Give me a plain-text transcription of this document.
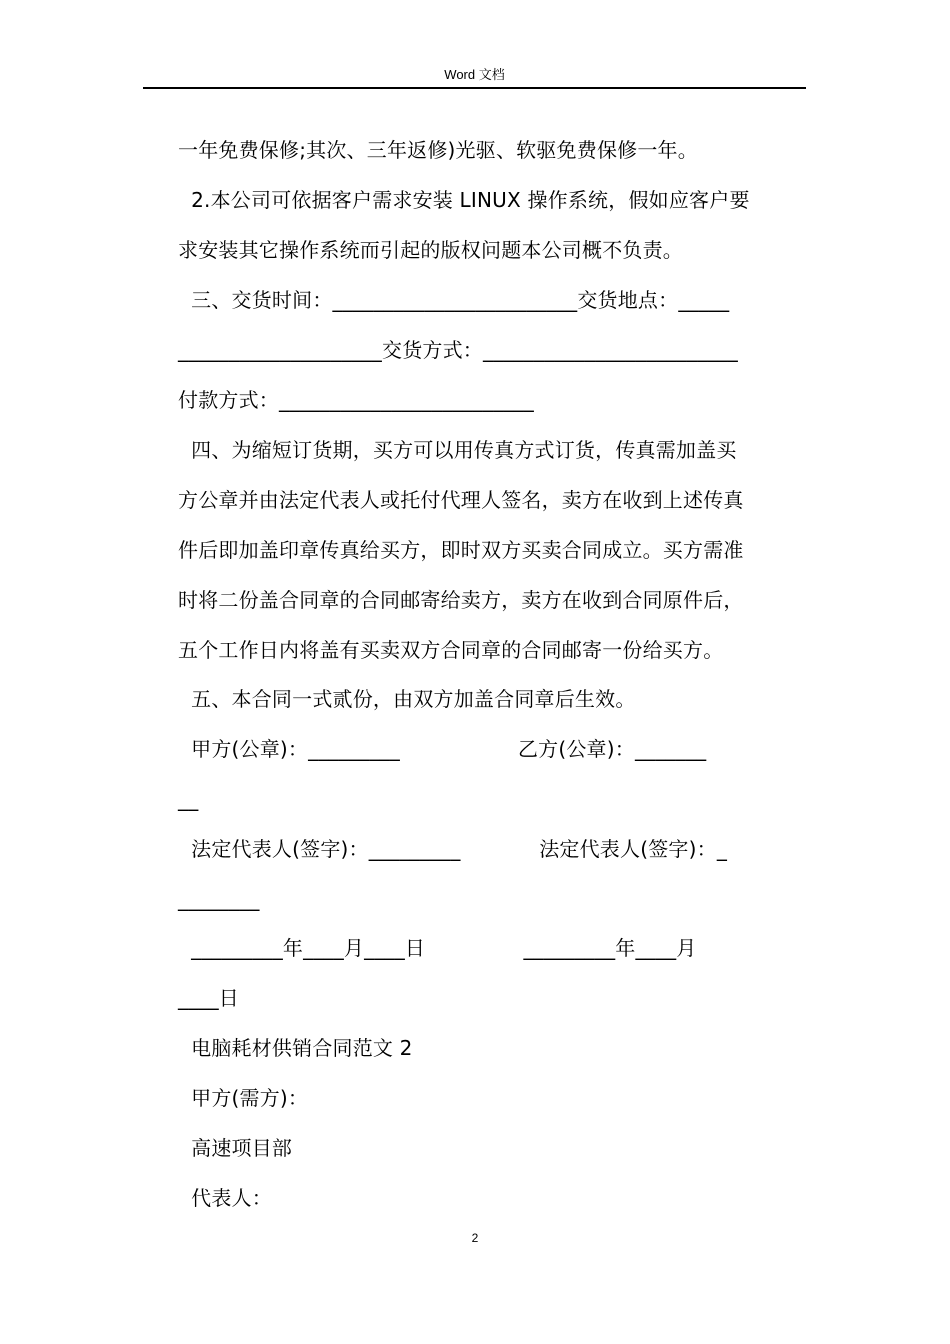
Word 文档
一年免费保修;其次、三年返修)光驱、软驱免费保修一年。
2.本公司可依据客户需求安装 LINUX 操作系统，假如应客户要
求安装其它操作系统而引起的版权问题本公司概不负责。
三、交货时间：________________________交货地点：_____
____________________交货方式：_________________________
付款方式：_________________________
四、为缩短订货期，买方可以用传真方式订货，传真需加盖买
方公章并由法定代表人或托付代理人签名，卖方在收到上述传真
件后即加盖印章传真给买方，即时双方买卖合同成立。买方需准
时将二份盖合同章的合同邮寄给卖方，卖方在收到合同原件后，
五个工作日内将盖有买卖双方合同章的合同邮寄一份给买方。
五、本合同一式贰份，由双方加盖合同章后生效。
甲方(公章)：_________                  乙方(公章)：_______
__
法定代表人(签字)：_________            法定代表人(签字)：_
________
_________年____月____日               _________年____月
____日
电脑耗材供销合同范文 2
甲方(需方)：
高速项目部
代表人：
2
